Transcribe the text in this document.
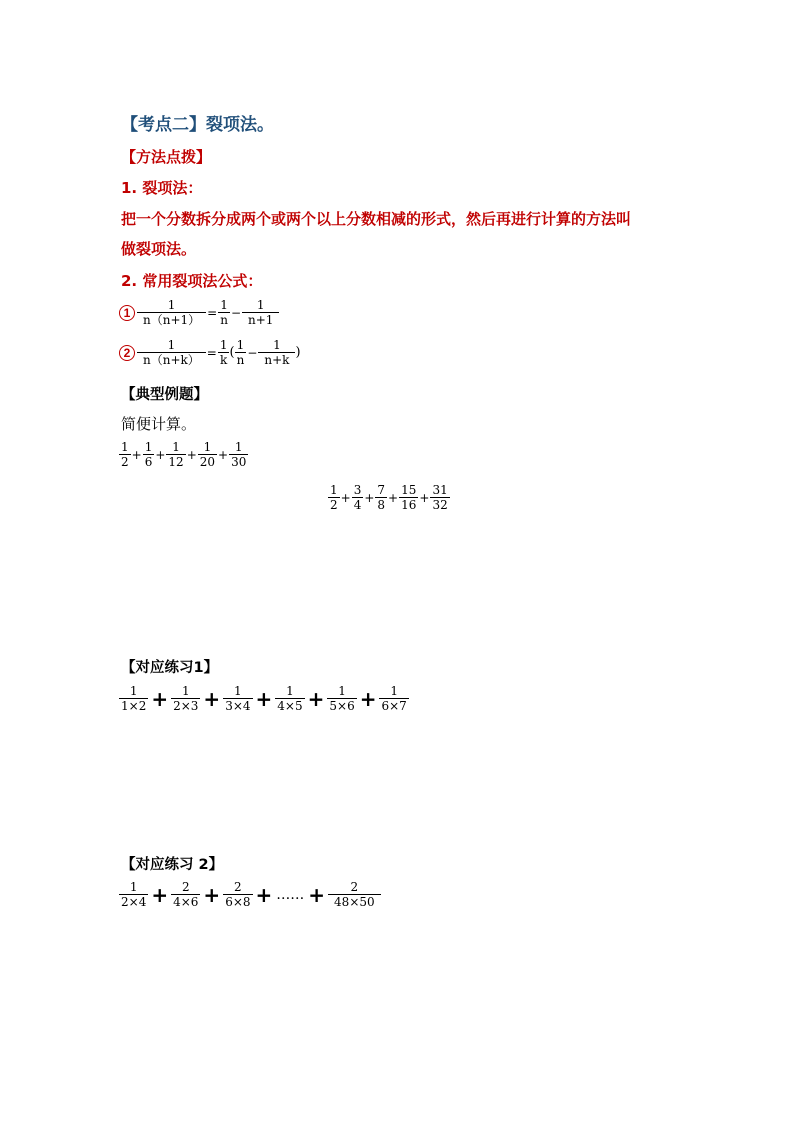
【考点二】裂项法。
【方法点拨】
1. 裂项法：
把一个分数拆分成两个或两个以上分数相减的形式，然后再进行计算的方法叫
做裂项法。
2. 常用裂项法公式：
$1 \frac{1}{n(n+1)} = \frac{1}{n} - \frac{1}{n+1}$
$2 \frac{1}{n(n+k)} = \frac{1}{k}$ ( $\frac{1}{n} - \frac{1}{n+k}$ )
【典型例题】
简便计算。
$\frac{1}{2} + \frac{1}{6} + \frac{1}{12} + \frac{1}{20} + \frac{1}{30}$
$\frac{1}{2} + \frac{3}{4} + \frac{7}{8} + \frac{15}{16} + \frac{31}{32}$
【对应练习1】
$\frac{1}{1\times 2} + \frac{1}{2\times 3} + \frac{1}{3\times 4} + \frac{1}{4\times 5} + \frac{1}{5\times 6} + \frac{1}{6\times 7}$
【对应练习 2】
$\frac{1}{2\times 4} + \frac{2}{4\times 6} + \frac{2}{6\times 8}$ + …… + $\frac{2}{48\times 50}$
